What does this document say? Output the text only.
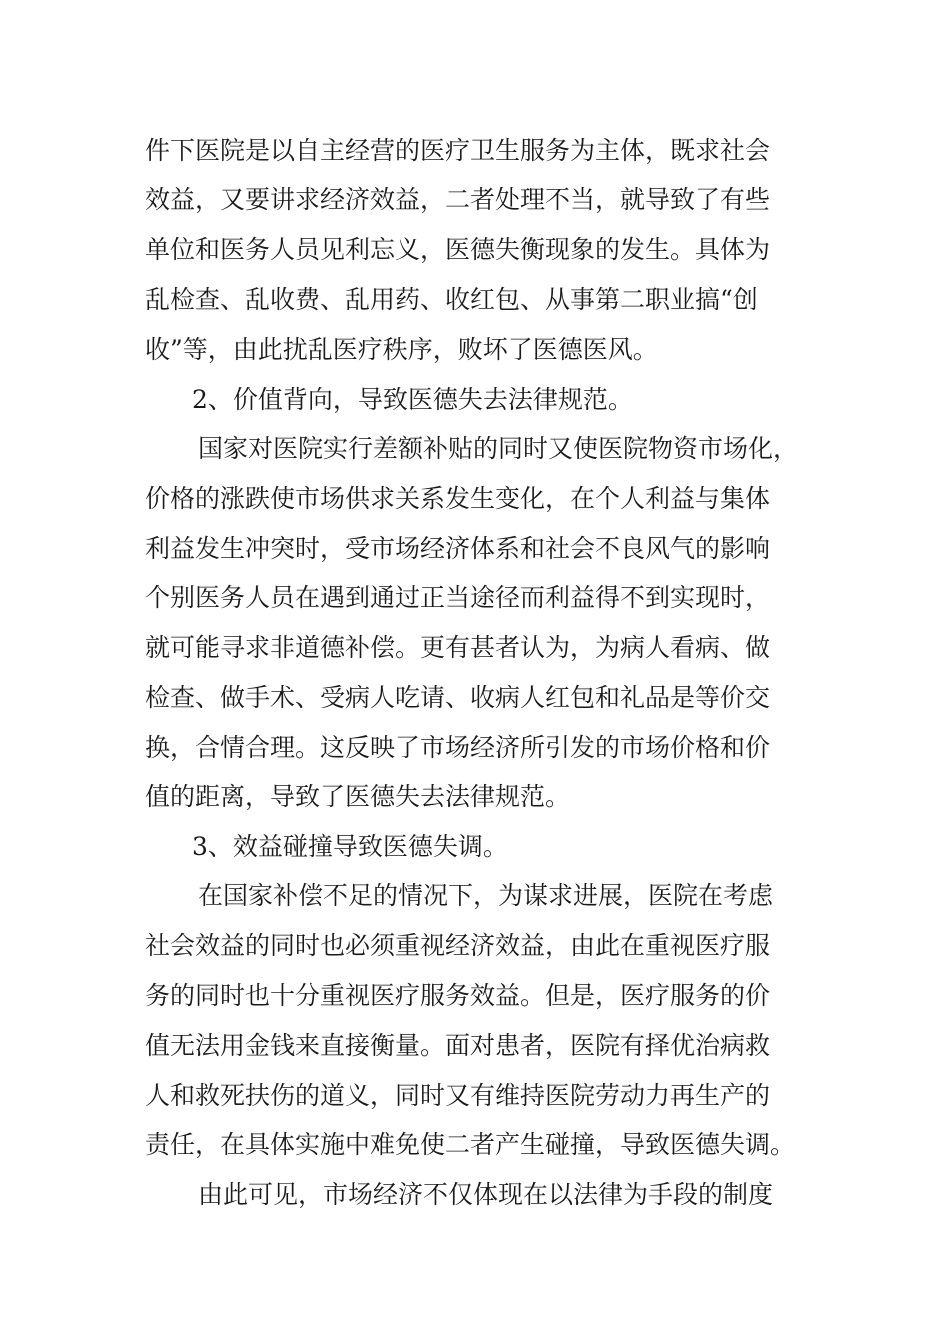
件下医院是以自主经营的医疗卫生服务为主体，既求社会

效益，又要讲求经济效益，二者处理不当，就导致了有些

单位和医务人员见利忘义，医德失衡现象的发生。具体为

乱检查、乱收费、乱用药、收红包、从事第二职业搞“创

收”等，由此扰乱医疗秩序，败坏了医德医风。

2、价值背向，导致医德失去法律规范。

国家对医院实行差额补贴的同时又使医院物资市场化，

价格的涨跌使市场供求关系发生变化，在个人利益与集体

利益发生冲突时，受市场经济体系和社会不良风气的影响

个别医务人员在遇到通过正当途径而利益得不到实现时，

就可能寻求非道德补偿。更有甚者认为，为病人看病、做

检查、做手术、受病人吃请、收病人红包和礼品是等价交

换，合情合理。这反映了市场经济所引发的市场价格和价

值的距离，导致了医德失去法律规范。

3、效益碰撞导致医德失调。

在国家补偿不足的情况下，为谋求进展，医院在考虑

社会效益的同时也必须重视经济效益，由此在重视医疗服

务的同时也十分重视医疗服务效益。但是，医疗服务的价

值无法用金钱来直接衡量。面对患者，医院有择优治病救

人和救死扶伤的道义，同时又有维持医院劳动力再生产的

责任，在具体实施中难免使二者产生碰撞，导致医德失调。

由此可见，市场经济不仅体现在以法律为手段的制度
